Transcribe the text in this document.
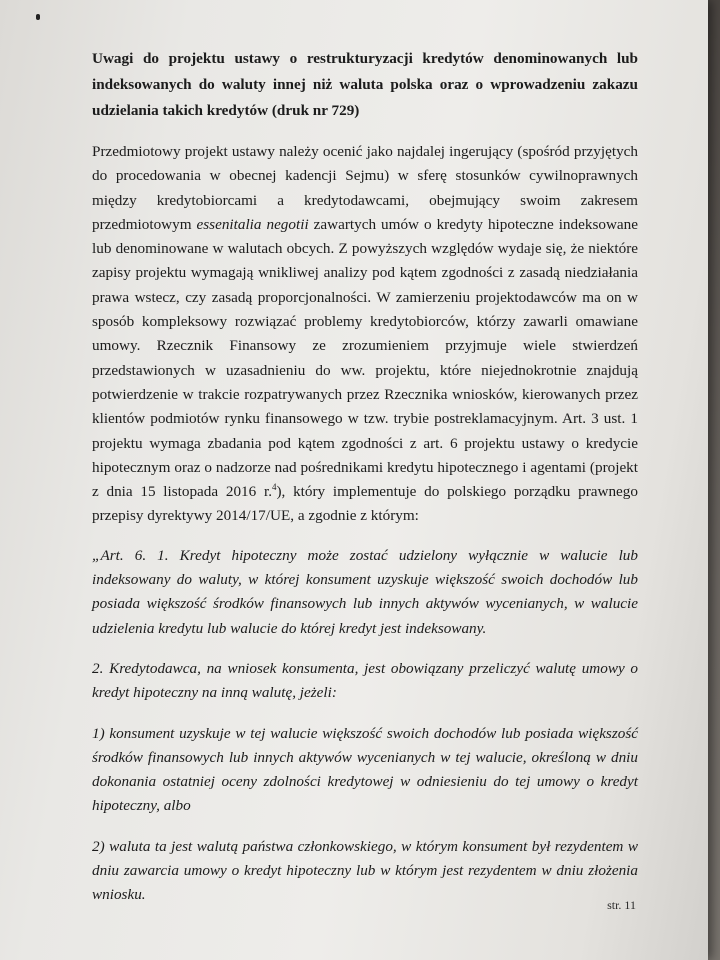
Uwagi do projektu ustawy o restrukturyzacji kredytów denominowanych lub indeksowanych do waluty innej niż waluta polska oraz o wprowadzeniu zakazu udzielania takich kredytów (druk nr 729)

Przedmiotowy projekt ustawy należy ocenić jako najdalej ingerujący (spośród przyjętych do procedowania w obecnej kadencji Sejmu) w sferę stosunków cywilnoprawnych między kredytobiorcami a kredytodawcami, obejmujący swoim zakresem przedmiotowym essenitalia negotii zawartych umów o kredyty hipoteczne indeksowane lub denominowane w walutach obcych. Z powyższych względów wydaje się, że niektóre zapisy projektu wymagają wnikliwej analizy pod kątem zgodności z zasadą niedziałania prawa wstecz, czy zasadą proporcjonalności. W zamierzeniu projektodawców ma on w sposób kompleksowy rozwiązać problemy kredytobiorców, którzy zawarli omawiane umowy. Rzecznik Finansowy ze zrozumieniem przyjmuje wiele stwierdzeń przedstawionych w uzasadnieniu do ww. projektu, które niejednokrotnie znajdują potwierdzenie w trakcie rozpatrywanych przez Rzecznika wniosków, kierowanych przez klientów podmiotów rynku finansowego w tzw. trybie postreklamacyjnym. Art. 3 ust. 1 projektu wymaga zbadania pod kątem zgodności z art. 6 projektu ustawy o kredycie hipotecznym oraz o nadzorze nad pośrednikami kredytu hipotecznego i agentami (projekt z dnia 15 listopada 2016 r.$^4$), który implementuje do polskiego porządku prawnego przepisy dyrektywy 2014/17/UE, a zgodnie z którym:

„Art. 6. 1. Kredyt hipoteczny może zostać udzielony wyłącznie w walucie lub indeksowany do waluty, w której konsument uzyskuje większość swoich dochodów lub posiada większość środków finansowych lub innych aktywów wycenianych, w walucie udzielenia kredytu lub walucie do której kredyt jest indeksowany.

2. Kredytodawca, na wniosek konsumenta, jest obowiązany przeliczyć walutę umowy o kredyt hipoteczny na inną walutę, jeżeli:

1) konsument uzyskuje w tej walucie większość swoich dochodów lub posiada większość środków finansowych lub innych aktywów wycenianych w tej walucie, określoną w dniu dokonania ostatniej oceny zdolności kredytowej w odniesieniu do tej umowy o kredyt hipoteczny, albo

2) waluta ta jest walutą państwa członkowskiego, w którym konsument był rezydentem w dniu zawarcia umowy o kredyt hipoteczny lub w którym jest rezydentem w dniu złożenia wniosku.

str. 11
